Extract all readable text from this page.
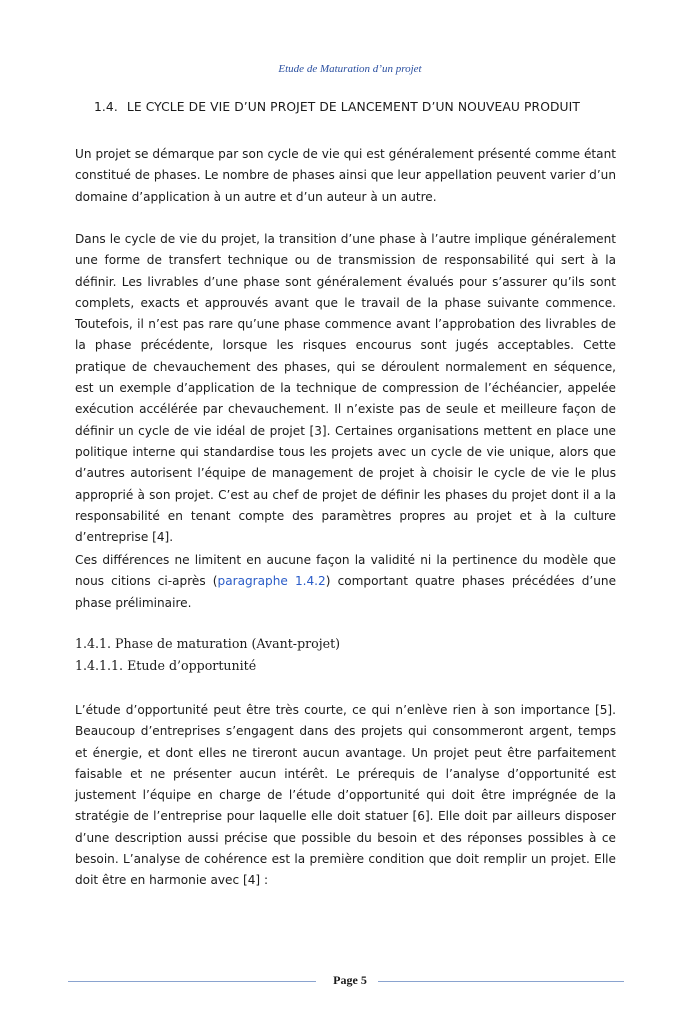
Etude de Maturation d’un projet
1.4. LE CYCLE DE VIE D’UN PROJET DE LANCEMENT D’UN NOUVEAU PRODUIT

Un projet se démarque par son cycle de vie qui est généralement présenté comme étant constitué de phases. Le nombre de phases ainsi que leur appellation peuvent varier d’un domaine d’application à un autre et d’un auteur à un autre.

Dans le cycle de vie du projet, la transition d’une phase à l’autre implique généralement une forme de transfert technique ou de transmission de responsabilité qui sert à la définir. Les livrables d’une phase sont généralement évalués pour s’assurer qu’ils sont complets, exacts et approuvés avant que le travail de la phase suivante commence. Toutefois, il n’est pas rare qu’une phase commence avant l’approbation des livrables de la phase précédente, lorsque les risques encourus sont jugés acceptables. Cette pratique de chevauchement des phases, qui se déroulent normalement en séquence, est un exemple d’application de la technique de compression de l’échéancier, appelée exécution accélérée par chevauchement. Il n’existe pas de seule et meilleure façon de définir un cycle de vie idéal de projet [3]. Certaines organisations mettent en place une politique interne qui standardise tous les projets avec un cycle de vie unique, alors que d’autres autorisent l’équipe de management de projet à choisir le cycle de vie le plus approprié à son projet. C’est au chef de projet de définir les phases du projet dont il a la responsabilité en tenant compte des paramètres propres au projet et à la culture d’entreprise [4].

Ces différences ne limitent en aucune façon la validité ni la pertinence du modèle que nous citions ci-après (paragraphe 1.4.2) comportant quatre phases précédées d’une phase préliminaire.

1.4.1. Phase de maturation (Avant-projet)
1.4.1.1. Etude d’opportunité

L’étude d’opportunité peut être très courte, ce qui n’enlève rien à son importance [5]. Beaucoup d’entreprises s’engagent dans des projets qui consommeront argent, temps et énergie, et dont elles ne tireront aucun avantage. Un projet peut être parfaitement faisable et ne présenter aucun intérêt. Le prérequis de l’analyse d’opportunité est justement l’équipe en charge de l’étude d’opportunité qui doit être imprégnée de la stratégie de l’entreprise pour laquelle elle doit statuer [6]. Elle doit par ailleurs disposer d’une description aussi précise que possible du besoin et des réponses possibles à ce besoin. L’analyse de cohérence est la première condition que doit remplir un projet. Elle doit être en harmonie avec [4] :

Page 5
